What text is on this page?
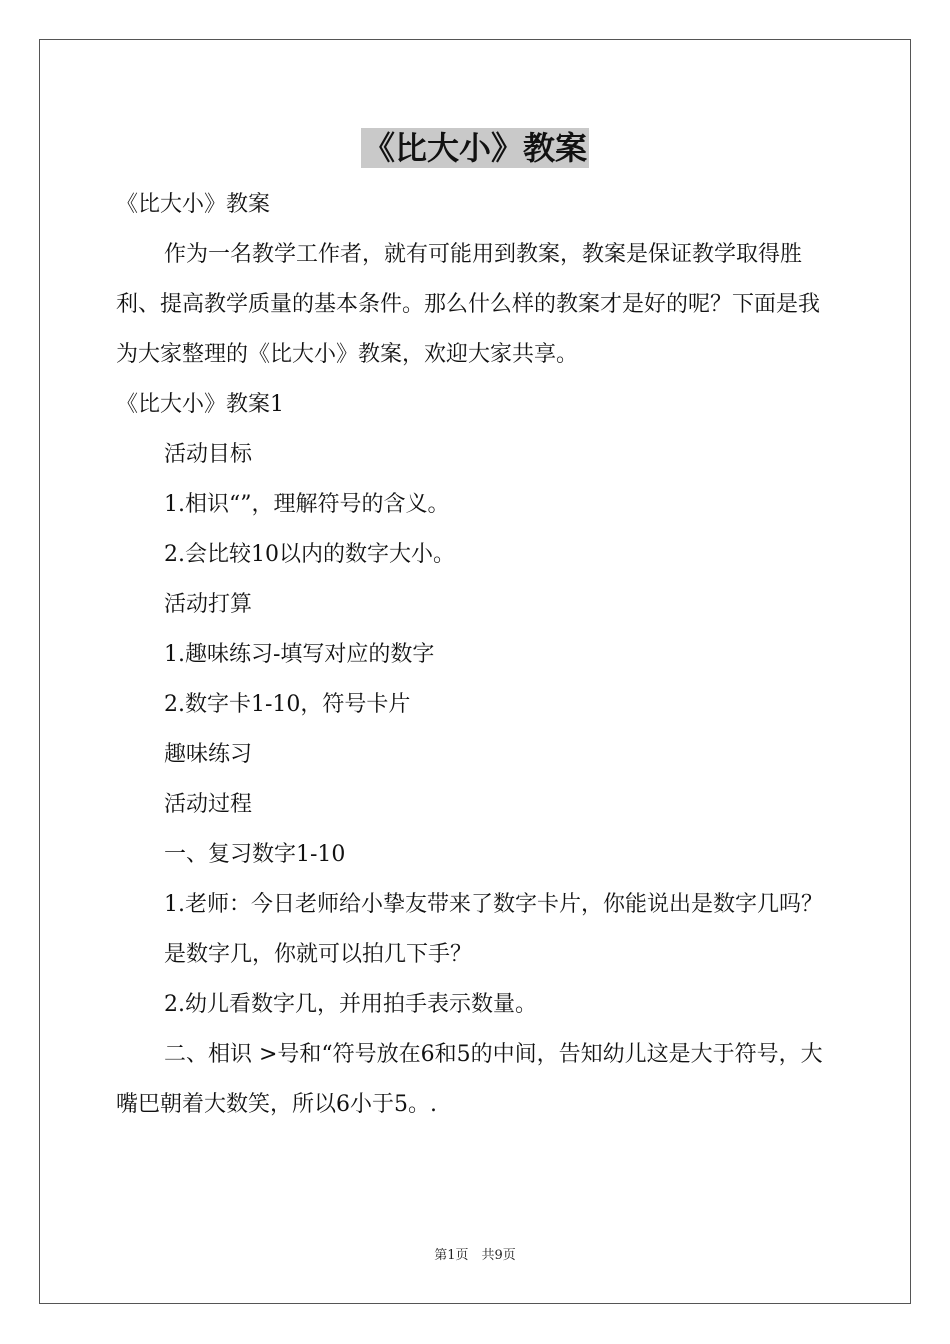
《比大小》教案

《比大小》教案

作为一名教学工作者，就有可能用到教案，教案是保证教学取得胜利、提高教学质量的基本条件。那么什么样的教案才是好的呢？下面是我为大家整理的《比大小》教案，欢迎大家共享。

《比大小》教案1

活动目标

1.相识“”，理解符号的含义。

2.会比较10以内的数字大小。

活动打算

1.趣味练习-填写对应的数字

2.数字卡1-10，符号卡片

趣味练习

活动过程

一、复习数字1-10

1.老师：今日老师给小挚友带来了数字卡片，你能说出是数字几吗？

是数字几，你就可以拍几下手？

2.幼儿看数字几，并用拍手表示数量。

二、相识 >号和“符号放在6和5的中间，告知幼儿这是大于符号，大嘴巴朝着大数笑，所以6小于5。.

第1页　共9页
